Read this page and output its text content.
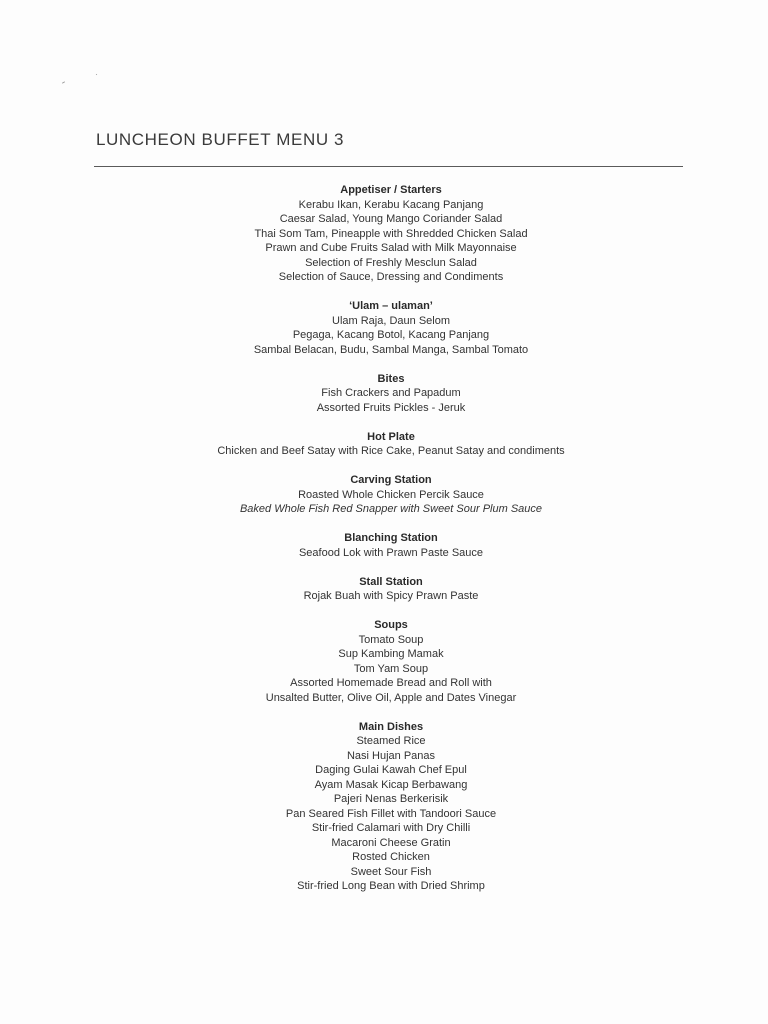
LUNCHEON BUFFET MENU 3
Appetiser / Starters
Kerabu Ikan, Kerabu Kacang Panjang
Caesar Salad, Young Mango Coriander Salad
Thai Som Tam, Pineapple with Shredded Chicken Salad
Prawn and Cube Fruits Salad with Milk Mayonnaise
Selection of Freshly Mesclun Salad
Selection of Sauce, Dressing and Condiments
‘Ulam – ulaman’
Ulam Raja, Daun Selom
Pegaga, Kacang Botol, Kacang Panjang
Sambal Belacan, Budu, Sambal Manga, Sambal Tomato
Bites
Fish Crackers and Papadum
Assorted Fruits Pickles - Jeruk
Hot Plate
Chicken and Beef Satay with Rice Cake, Peanut Satay and condiments
Carving Station
Roasted Whole Chicken Percik Sauce
Baked Whole Fish Red Snapper with Sweet Sour Plum Sauce
Blanching Station
Seafood Lok with Prawn Paste Sauce
Stall Station
Rojak Buah with Spicy Prawn Paste
Soups
Tomato Soup
Sup Kambing Mamak
Tom Yam Soup
Assorted Homemade Bread and Roll with
Unsalted Butter, Olive Oil, Apple and Dates Vinegar
Main Dishes
Steamed Rice
Nasi Hujan Panas
Daging Gulai Kawah Chef Epul
Ayam Masak Kicap Berbawang
Pajeri Nenas Berkerisik
Pan Seared Fish Fillet with Tandoori Sauce
Stir-fried Calamari with Dry Chilli
Macaroni Cheese Gratin
Rosted Chicken
Sweet Sour Fish
Stir-fried Long Bean with Dried Shrimp
